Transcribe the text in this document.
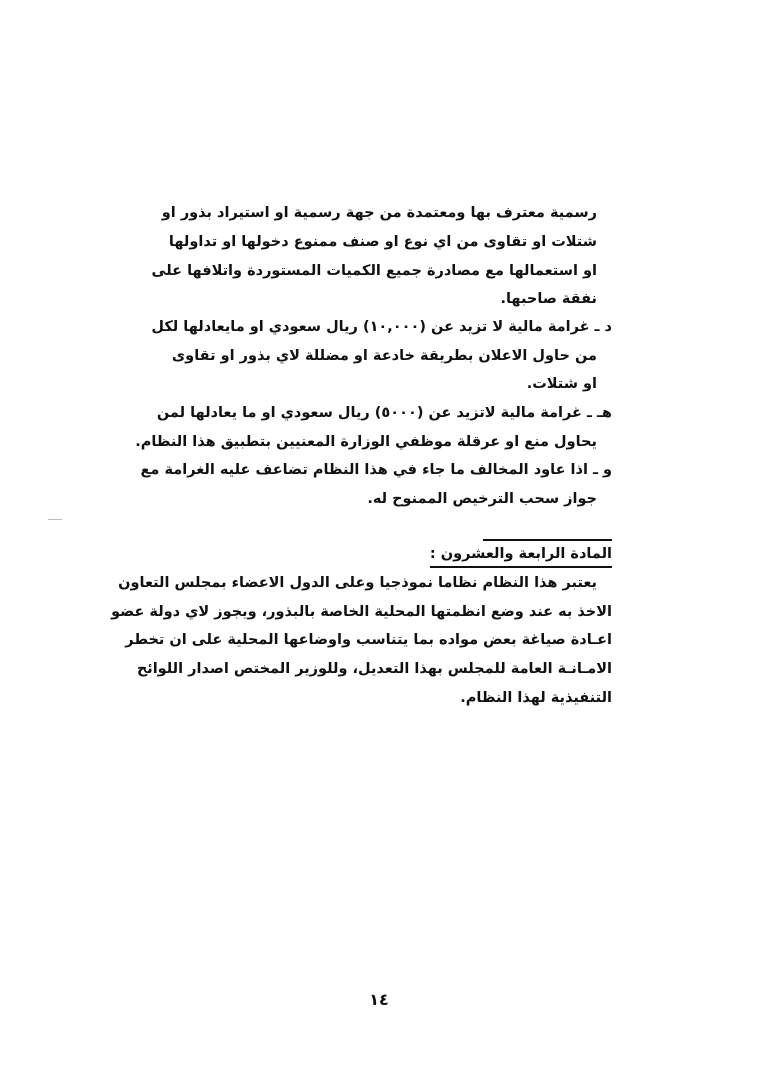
رسمية معترف بها ومعتمدة من جهة رسمية او استيراد بذور او
شتلات او تقاوى من اي نوع او صنف ممنوع دخولها او تداولها
او استعمالها مع مصادرة جميع الكميات المستوردة واتلافها على
نفقة صاحبها.
د ـ غرامة مالية لا تزيد عن (١٠,٠٠٠) ريال سعودي او مايعادلها لكل
من حاول الاعلان بطريقة خادعة او مضللة لاي بذور او تقاوى
او شتلات.
هـ ـ غرامة مالية لاتزيد عن (٥٠٠٠) ريال سعودي او ما يعادلها لمن
يحاول منع او عرقلة موظفي الوزارة المعنيين بتطبيق هذا النظام.
و ـ اذا عاود المخالف ما جاء في هذا النظام تضاعف عليه الغرامة مع
جواز سحب الترخيص الممنوح له.
المادة الرابعة والعشرون :
يعتبر هذا النظام نظاما نموذجيا وعلى الدول الاعضاء بمجلس التعاون
الاخذ به عند وضع انظمتها المحلية الخاصة بالبذور، ويجوز لاي دولة عضو
اعـادة صياغة بعض مواده بما يتناسب واوضاعها المحلية على ان تخطر
الامـانـة العامة للمجلس بهذا التعديل، وللوزير المختص اصدار اللوائح
التنفيذية لهذا النظام.
١٤
